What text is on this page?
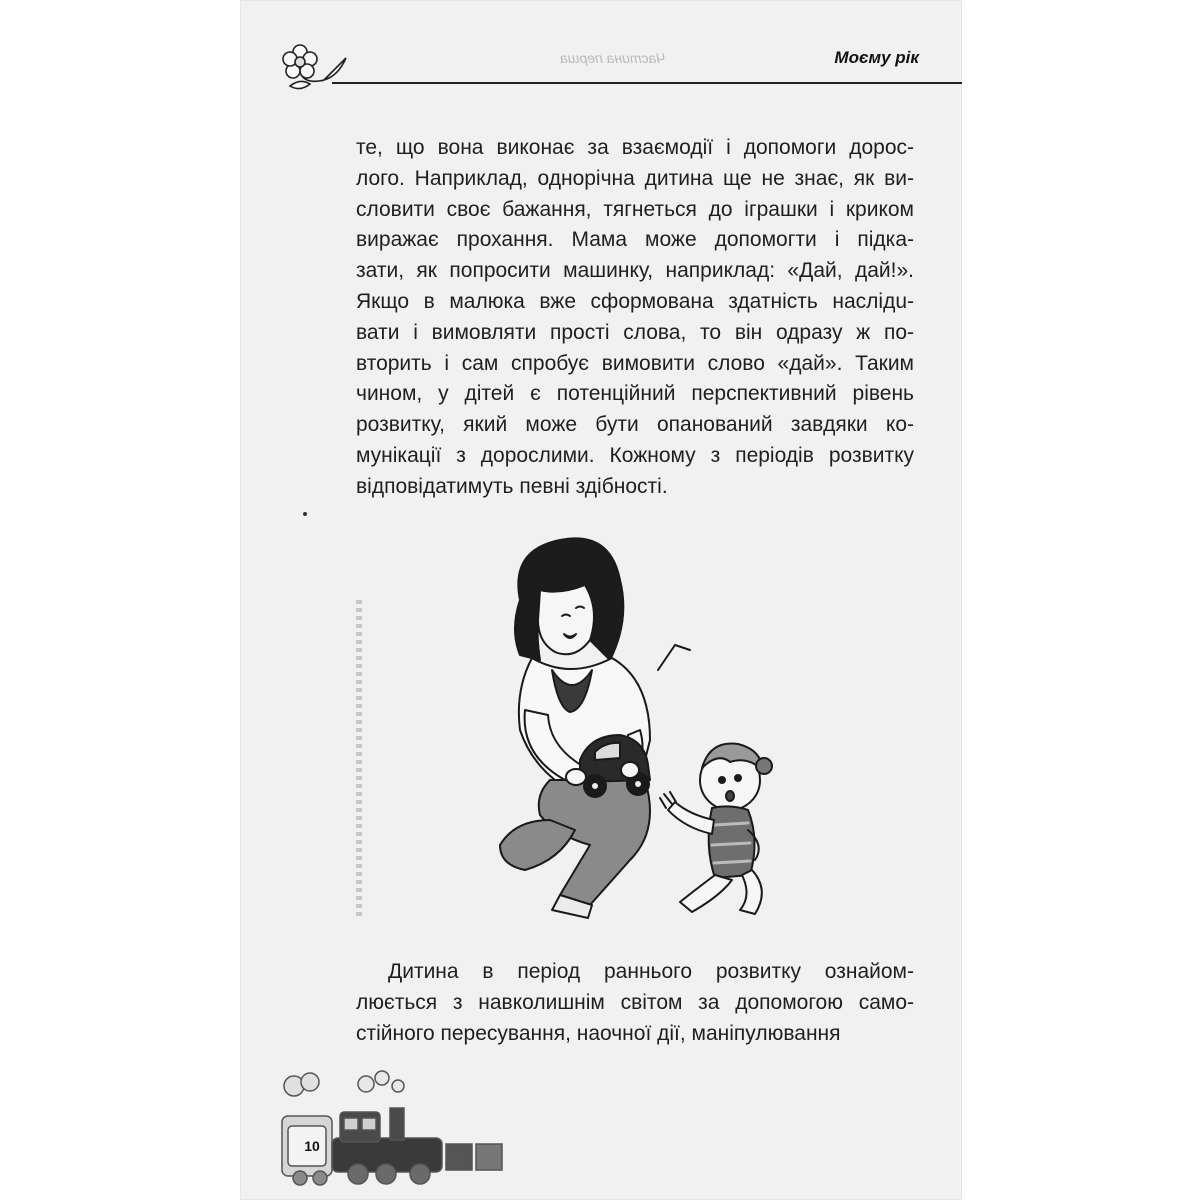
Частина перша	Моєму рік
те, що вона виконає за взаємодії і допомоги дорос-
лого. Наприклад, однорічна дитина ще не знає, як ви-
словити своє бажання, тягнеться до іграшки і криком
виражає прохання. Мама може допомогти і підка-
зати, як попросити машинку, наприклад: «Дай, дай!».
Якщо в малюка вже сформована здатність наслідu-
вати і вимовляти прості слова, то він одразу ж по-
вторить і сам спробує вимовити слово «дай». Таким
чином, у дітей є потенційний перспективний рівень
розвитку, який може бути опанований завдяки ко-
мунікації з дорослими. Кожному з періодів розвитку
відповідатимуть певні здібності.
Дитина в період раннього розвитку ознайом-
люється з навколишнім світом за допомогою само-
стійного пересування, наочної дії, маніпулювання
10
